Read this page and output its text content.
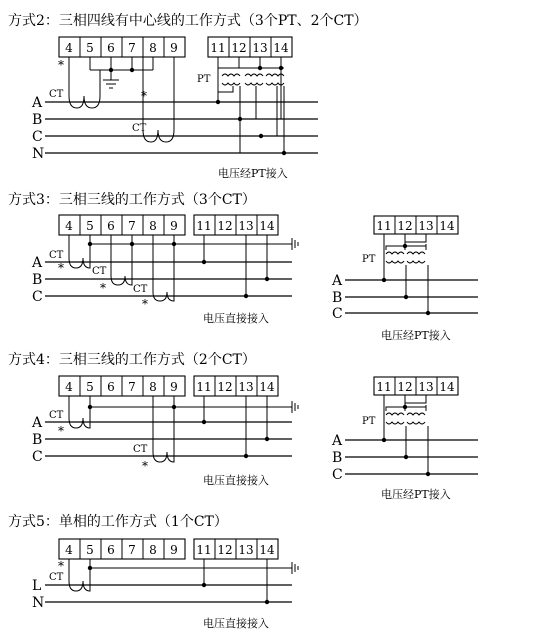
方式2：三相四线有中心线的工作方式（3个PT、2个CT）
4 5 6 7 8 9	11 12 13 14
A
B
C
N
CT
*
CT
*
PT
电压经PT接入
方式3：三相三线的工作方式（3个CT）
4 5 6 7 8 9 11 12 13 14
A
B
C
CT
*	CT
*	CT
*
电压直接接入
11 12 13 14
PT
A
B
C
电压经PT接入
方式4：三相三线的工作方式（2个CT）
4 5 6 7 8 9 11 12 13 14
A
B
C
CT
*
CT
*
电压直接接入
11 12 13 14
PT
A
B
C
电压经PT接入
方式5：单相的工作方式（1个CT）
4 5 6 7 8 9 11 12 13 14
L
N
CT
*
电压直接接入
